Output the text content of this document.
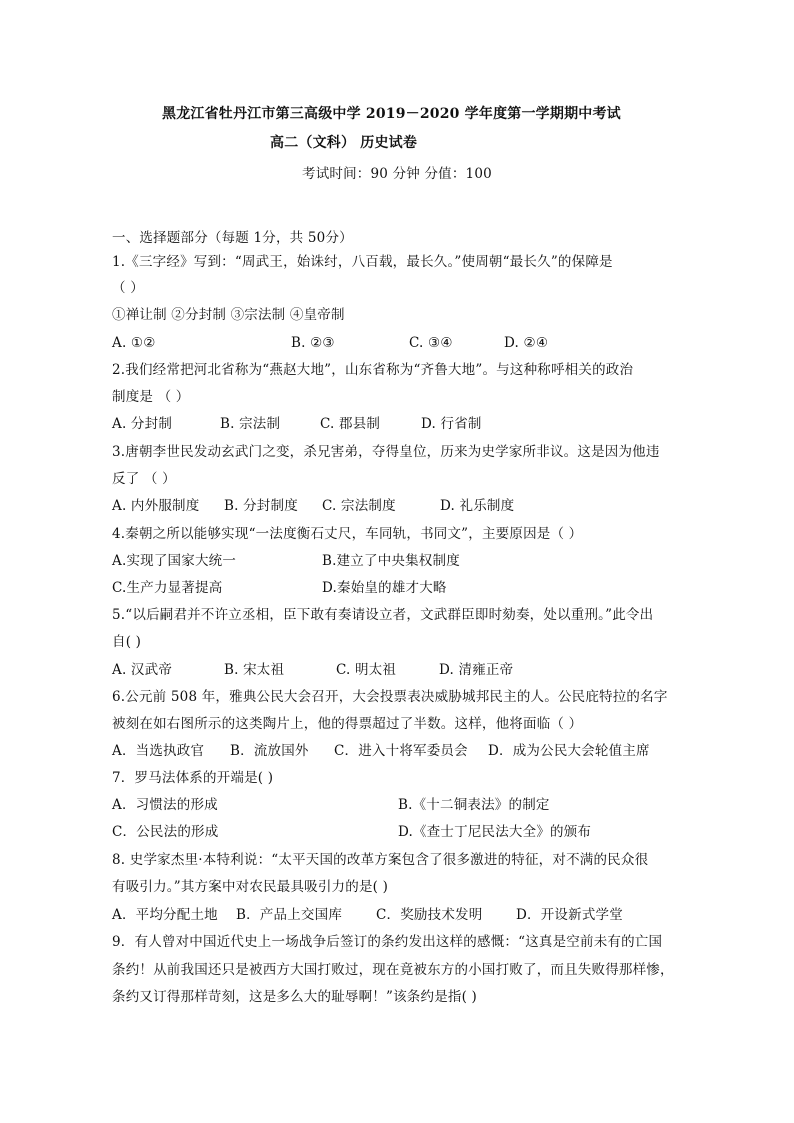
黑龙江省牡丹江市第三高级中学 2019－2020 学年度第一学期期中考试
高二（文科） 历史试卷
考试时间：90 分钟 分值：100
一、选择题部分（每题 1分，共 50分）
1.《三字经》写到：“周武王，始诛纣，八百载，最长久。”使周朝“最长久”的保障是
（ ）
①禅让制 ②分封制 ③宗法制 ④皇帝制
A. ①②	B. ②③	C. ③④	D. ②④
2.我们经常把河北省称为“燕赵大地”，山东省称为“齐鲁大地”。与这种称呼相关的政治
制度是 （ ）
A. 分封制	B. 宗法制	C. 郡县制	D. 行省制
3.唐朝李世民发动玄武门之变，杀兄害弟，夺得皇位，历来为史学家所非议。这是因为他违
反了 （ ）
A. 内外服制度 B. 分封制度 C. 宗法制度	D. 礼乐制度
4.秦朝之所以能够实现“一法度衡石丈尺，车同轨，书同文”，主要原因是（ ）
A.实现了国家大统一	B.建立了中央集权制度
C.生产力显著提高	D.秦始皇的雄才大略
5.“以后嗣君并不许立丞相，臣下敢有奏请设立者，文武群臣即时劾奏，处以重刑。”此令出
自( )
A. 汉武帝	B. 宋太祖	C. 明太祖	D. 清雍正帝
6.公元前 508 年，雅典公民大会召开，大会投票表决威胁城邦民主的人。公民庇特拉的名字
被刻在如右图所示的这类陶片上，他的得票超过了半数。这样，他将面临（ ）
A．当选执政官 B．流放国外 C．进入十将军委员会 D．成为公民大会轮值主席
7．罗马法体系的开端是( )
A．习惯法的形成	B.《十二铜表法》的制定
C．公民法的形成	D.《查士丁尼民法大全》的颁布
8. 史学家杰里·本特利说：“太平天国的改革方案包含了很多激进的特征，对不满的民众很
有吸引力。”其方案中对农民最具吸引力的是( )
A．平均分配土地 B．产品上交国库	C．奖励技术发明 D．开设新式学堂
9．有人曾对中国近代史上一场战争后签订的条约发出这样的感慨：“这真是空前未有的亡国
条约！从前我国还只是被西方大国打败过，现在竟被东方的小国打败了，而且失败得那样惨，
条约又订得那样苛刻，这是多么大的耻辱啊！”该条约是指( )
